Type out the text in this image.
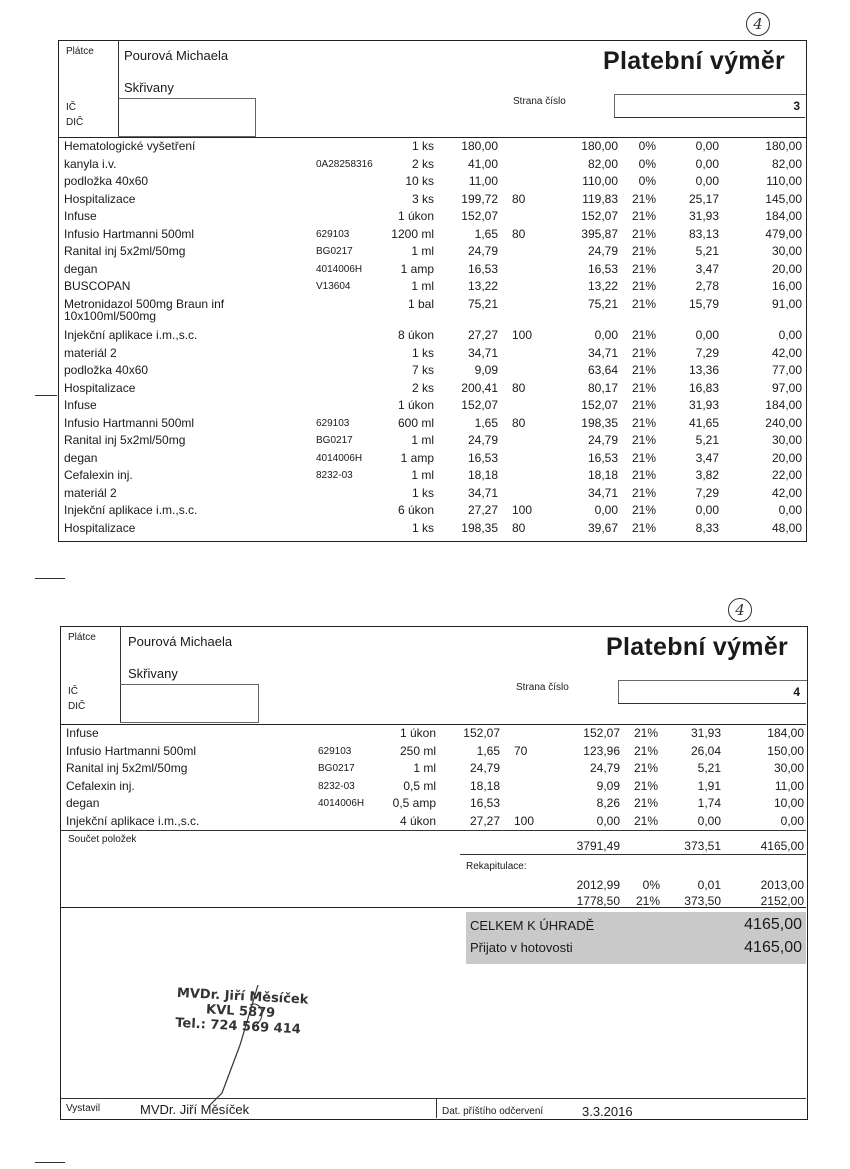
4
Plátce Pourová Michaela
Skřivany
Platební výměr
IČ
DIČ
Strana číslo	3
Hematologické vyšetření	1 ks	180,00	180,00	0%	0,00	180,00
kanyla i.v.	0A28258316	2 ks	41,00	82,00	0%	0,00	82,00
podložka 40x60	10 ks	11,00	110,00	0%	0,00	110,00
Hospitalizace	3 ks	199,72 80	119,83	21%	25,17	145,00
Infuse	1 úkon	152,07	152,07	21%	31,93	184,00
Infusio Hartmanni 500ml	629103	1200 ml	1,65 80	395,87	21%	83,13	479,00
Ranital inj 5x2ml/50mg	BG0217	1 ml	24,79	24,79	21%	5,21	30,00
degan	4014006H	1 amp	16,53	16,53	21%	3,47	20,00
BUSCOPAN	V13604	1 ml	13,22	13,22	21%	2,78	16,00
Metronidazol 500mg Braun inf	1 bal	75,21	75,21	21%	15,79	91,00
10x100ml/500mg
Injekční aplikace i.m.,s.c.	8 úkon	27,27 100	0,00	21%	0,00	0,00
materiál 2	1 ks	34,71	34,71	21%	7,29	42,00
podložka 40x60	7 ks	9,09	63,64	21%	13,36	77,00
Hospitalizace	2 ks	200,41 80	80,17	21%	16,83	97,00
Infuse	1 úkon	152,07	152,07	21%	31,93	184,00
Infusio Hartmanni 500ml	629103	600 ml	1,65 80	198,35	21%	41,65	240,00
Ranital inj 5x2ml/50mg	BG0217	1 ml	24,79	24,79	21%	5,21	30,00
degan	4014006H	1 amp	16,53	16,53	21%	3,47	20,00
Cefalexin inj.	8232-03	1 ml	18,18	18,18	21%	3,82	22,00
materiál 2	1 ks	34,71	34,71	21%	7,29	42,00
Injekční aplikace i.m.,s.c.	6 úkon	27,27 100	0,00	21%	0,00	0,00
Hospitalizace	1 ks	198,35 80	39,67	21%	8,33	48,00
4
Plátce Pourová Michaela
Skřivany
Platební výměr
IČ
DIČ
Strana číslo	4
Infuse	1 úkon	152,07	152,07	21%	31,93	184,00
Infusio Hartmanni 500ml	629103	250 ml	1,65 70	123,96	21%	26,04	150,00
Ranital inj 5x2ml/50mg	BG0217	1 ml	24,79	24,79	21%	5,21	30,00
Cefalexin inj.	8232-03	0,5 ml	18,18	9,09	21%	1,91	11,00
degan	4014006H	0,5 amp	16,53	8,26	21%	1,74	10,00
Injekční aplikace i.m.,s.c.	4 úkon	27,27 100	0,00	21%	0,00	0,00
Součet položek	3791,49	373,51	4165,00
Rekapitulace:
2012,99	0%	0,01	2013,00
1778,50	21%	373,50	2152,00
CELKEM K ÚHRADĚ	4165,00
Přijato v hotovosti	4165,00
MVDr. Jiří Měsíček
KVL 5879
Tel.: 724 569 414
Vystavil	MVDr. Jiří Měsíček	Dat. příštího odčervení	3.3.2016
